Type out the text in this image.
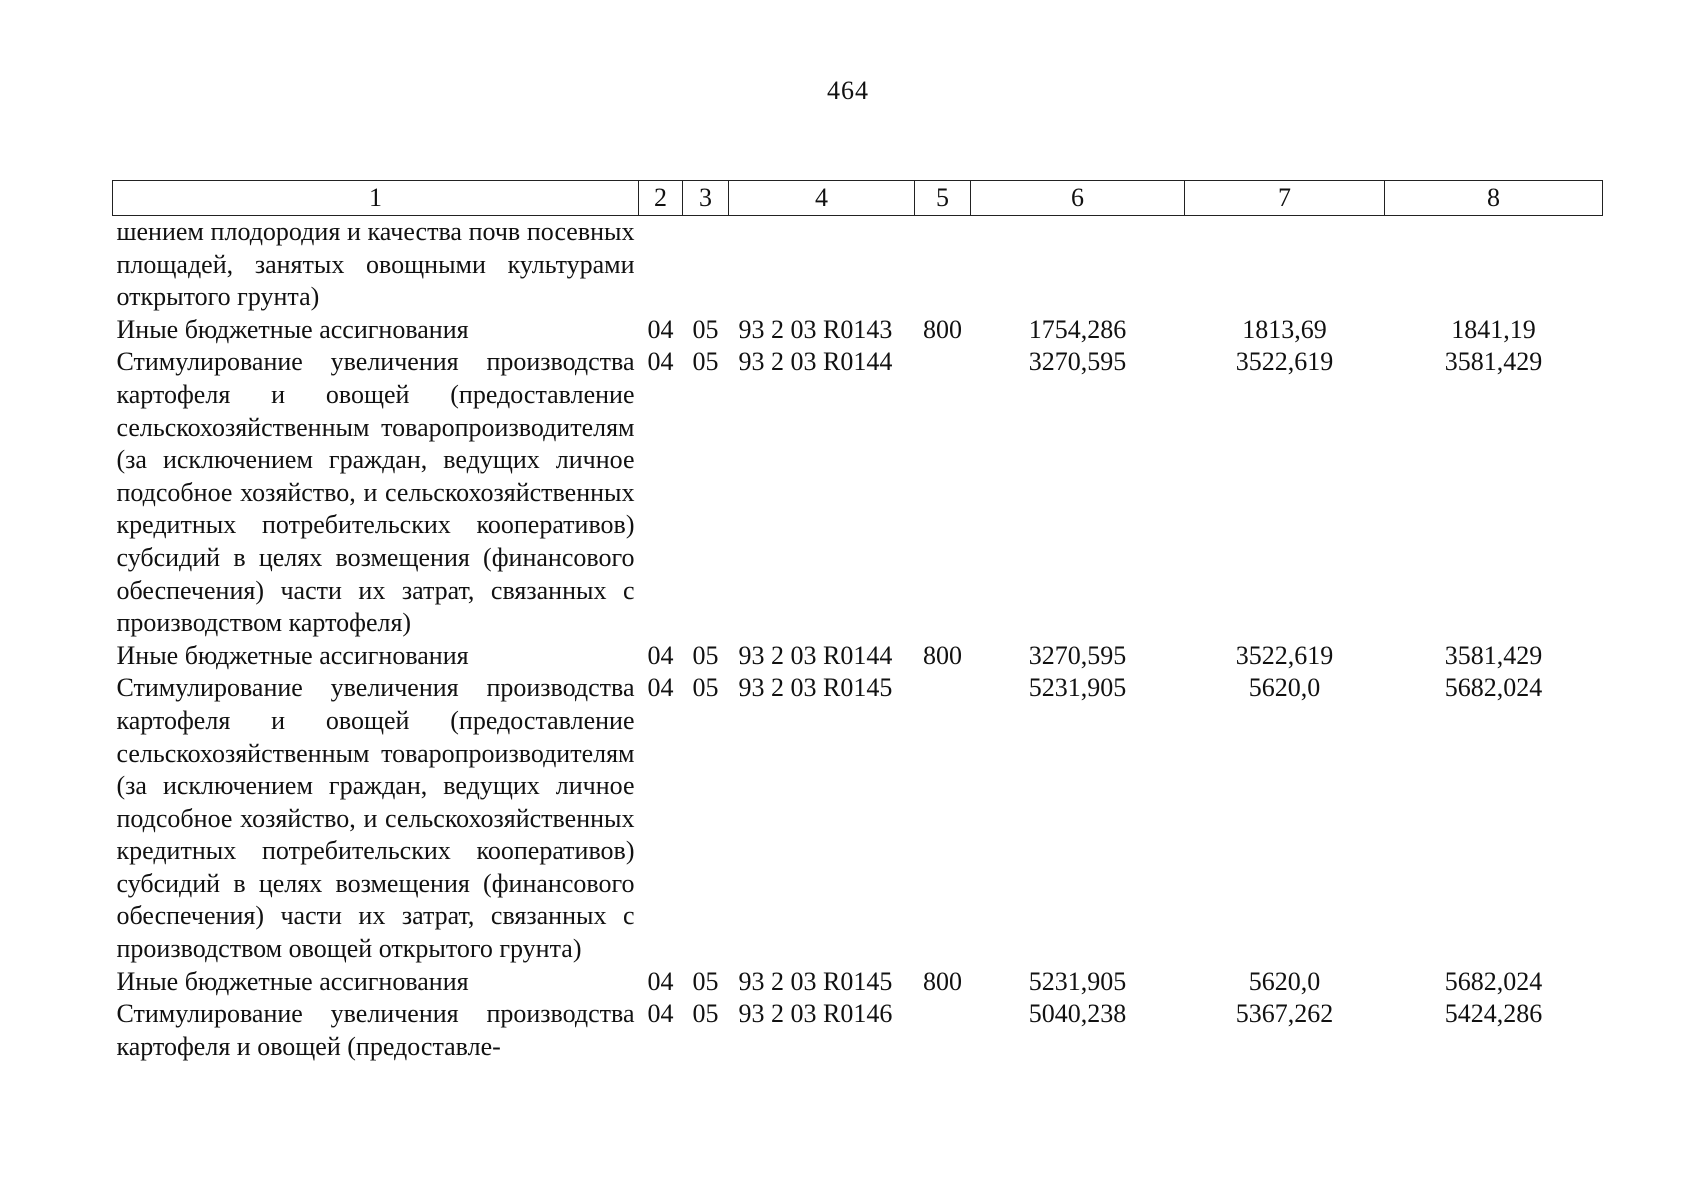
464
1	2	3	4	5	6	7	8
шением плодородия и качества почв посевных площадей, занятых овощными культурами открытого грунта)							
Иные бюджетные ассигнования	04	05	93 2 03 R0143	800	1754,286	1813,69	1841,19
Стимулирование увеличения производства картофеля и овощей (предоставление сельскохозяйственным товаропроизводителям (за исключением граждан, ведущих личное подсобное хозяйство, и сельскохозяйственных кредитных потребительских кооперативов) субсидий в целях возмещения (финансового обеспечения) части их затрат, связанных с производством картофеля)	04	05	93 2 03 R0144		3270,595	3522,619	3581,429
Иные бюджетные ассигнования	04	05	93 2 03 R0144	800	3270,595	3522,619	3581,429
Стимулирование увеличения производства картофеля и овощей (предоставление сельскохозяйственным товаропроизводителям (за исключением граждан, ведущих личное подсобное хозяйство, и сельскохозяйственных кредитных потребительских кооперативов) субсидий в целях возмещения (финансового обеспечения) части их затрат, связанных с производством овощей открытого грунта)	04	05	93 2 03 R0145		5231,905	5620,0	5682,024
Иные бюджетные ассигнования	04	05	93 2 03 R0145	800	5231,905	5620,0	5682,024
Стимулирование увеличения производства картофеля и овощей (предоставле-	04	05	93 2 03 R0146		5040,238	5367,262	5424,286
